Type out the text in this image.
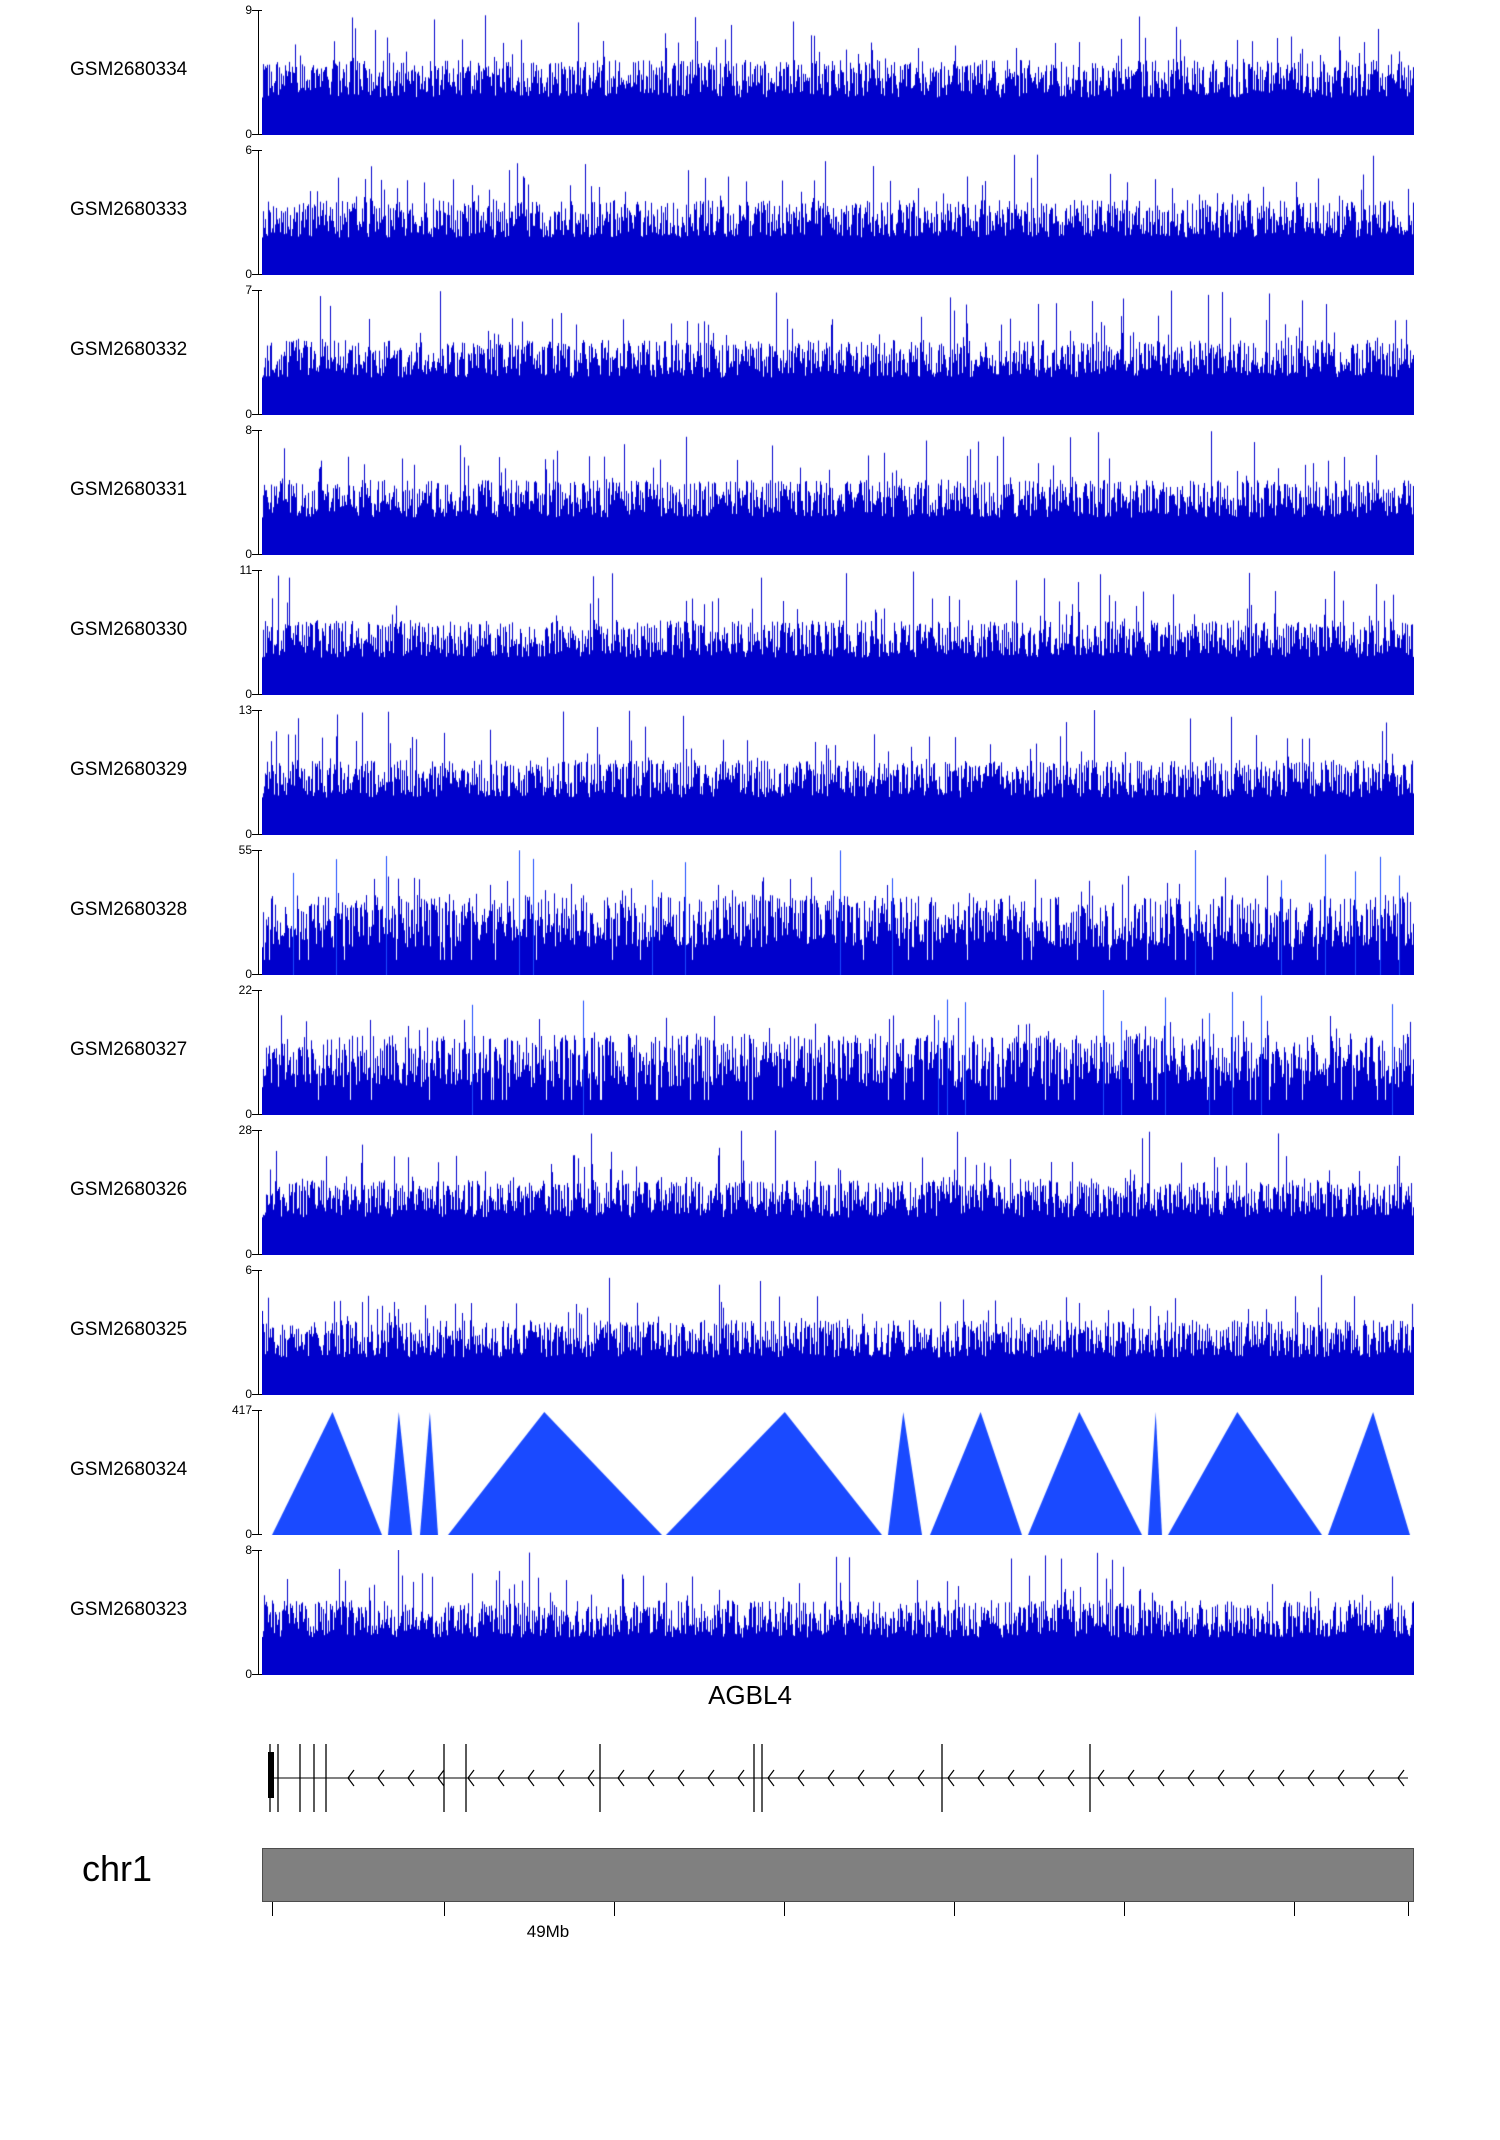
GSM2680334
9
0
GSM2680333
6
0
GSM2680332
7
0
GSM2680331
8
0
GSM2680330
11
0
GSM2680329
13
0
GSM2680328
55
0
GSM2680327
22
0
GSM2680326
28
0
GSM2680325
6
0
GSM2680324
417
0
GSM2680323
8
0
AGBL4
chr1
49Mb
